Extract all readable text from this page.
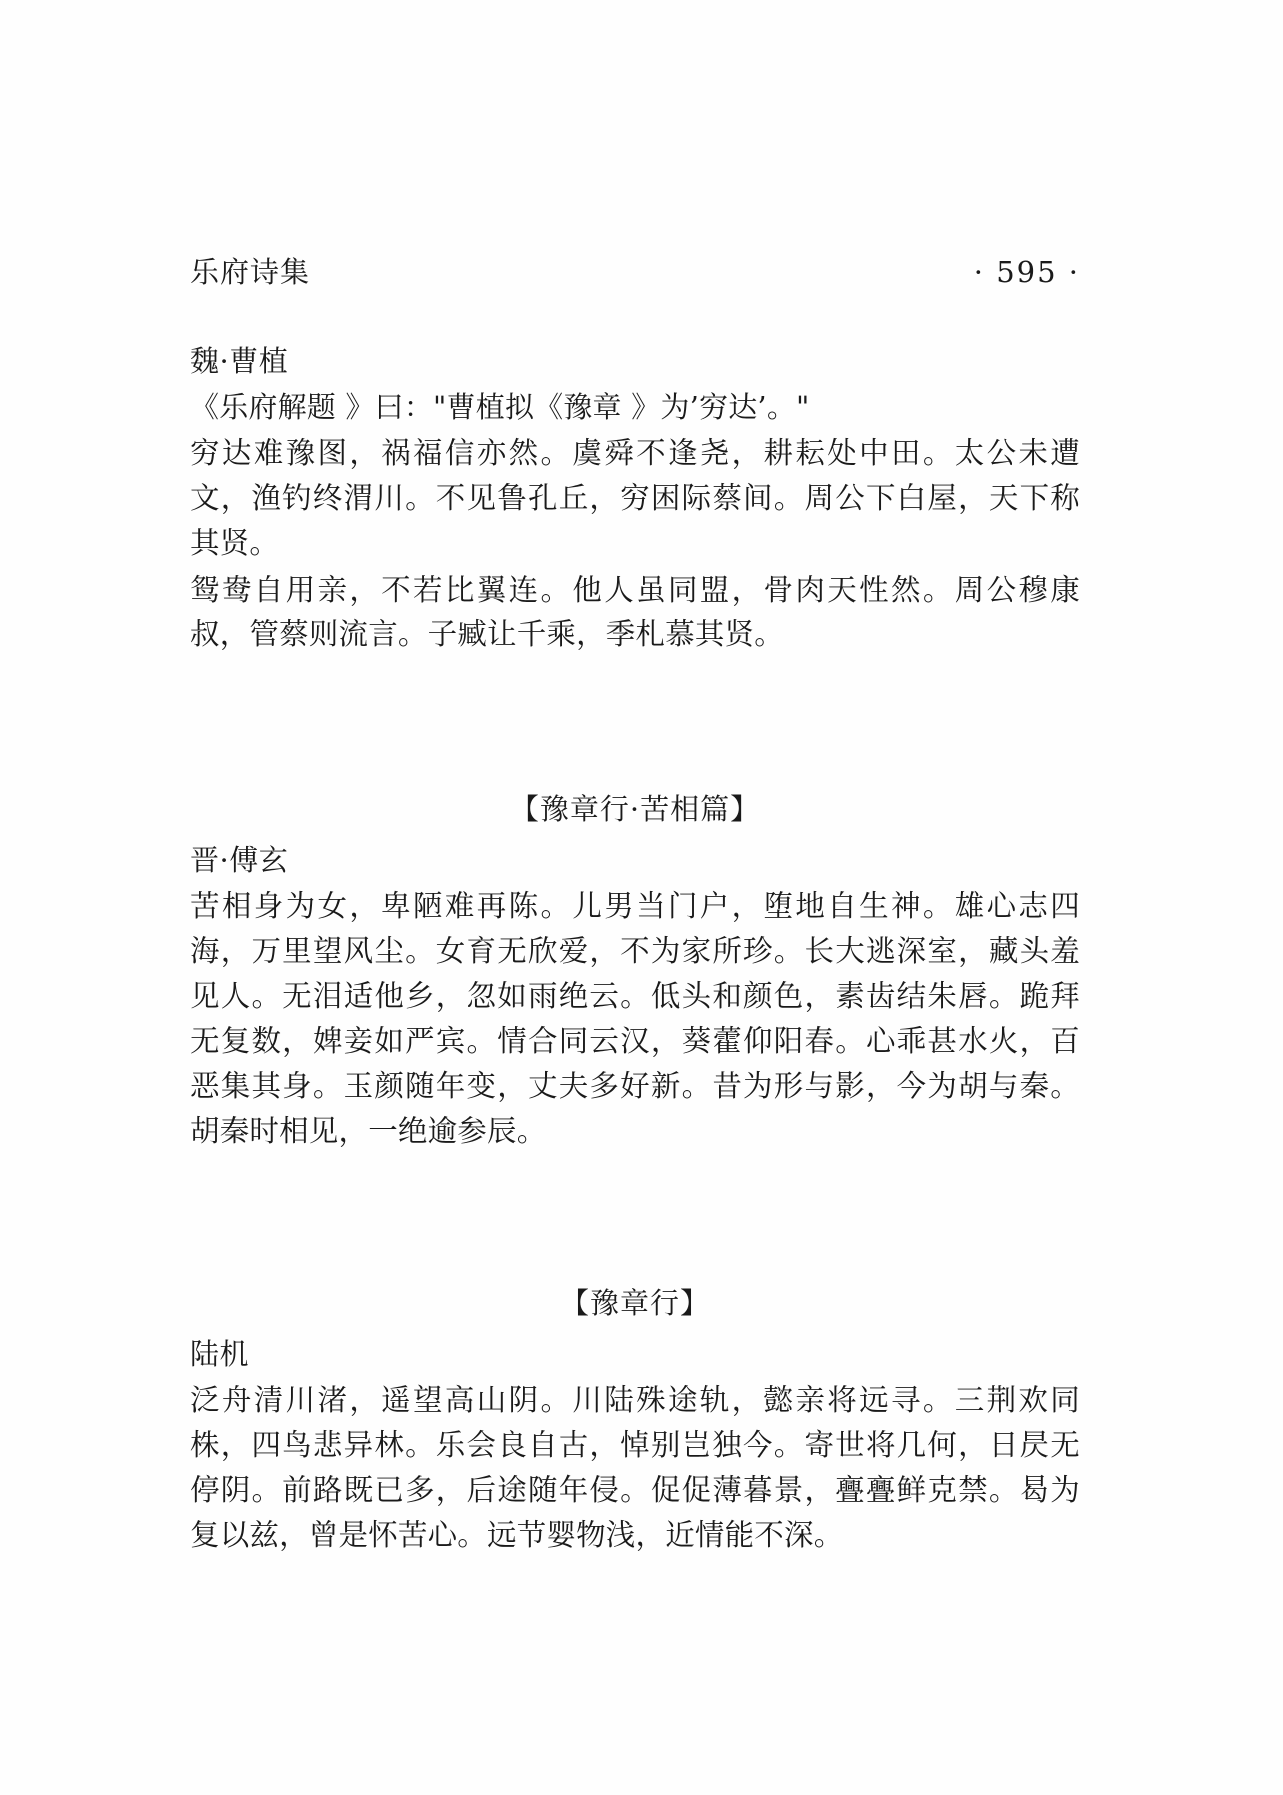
乐府诗集	· 595 ·

魏·曹植

《乐府解题 》曰："曹植拟《豫章 》为’穷达’。"

穷达难豫图，祸福信亦然。虞舜不逢尧，耕耘处中田。太公未遭文，渔钓终渭川。不见鲁孔丘，穷困际蔡间。周公下白屋，天下称其贤。

鸳鸯自用亲，不若比翼连。他人虽同盟，骨肉天性然。周公穆康叔，管蔡则流言。子臧让千乘，季札慕其贤。

【豫章行·苦相篇】

晋·傅玄

苦相身为女，卑陋难再陈。儿男当门户，堕地自生神。雄心志四海，万里望风尘。女育无欣爱，不为家所珍。长大逃深室，藏头羞见人。无泪适他乡，忽如雨绝云。低头和颜色，素齿结朱唇。跪拜无复数，婢妾如严宾。情合同云汉，葵藿仰阳春。心乖甚水火，百恶集其身。玉颜随年变，丈夫多好新。昔为形与影，今为胡与秦。胡秦时相见，一绝逾参辰。

【豫章行】

陆机

泛舟清川渚，遥望高山阴。川陆殊途轨，懿亲将远寻。三荆欢同株，四鸟悲异林。乐会良自古，悼别岂独今。寄世将几何，日昃无停阴。前路既已多，后途随年侵。促促薄暮景，亹亹鲜克禁。曷为复以兹，曾是怀苦心。远节婴物浅，近情能不深。
